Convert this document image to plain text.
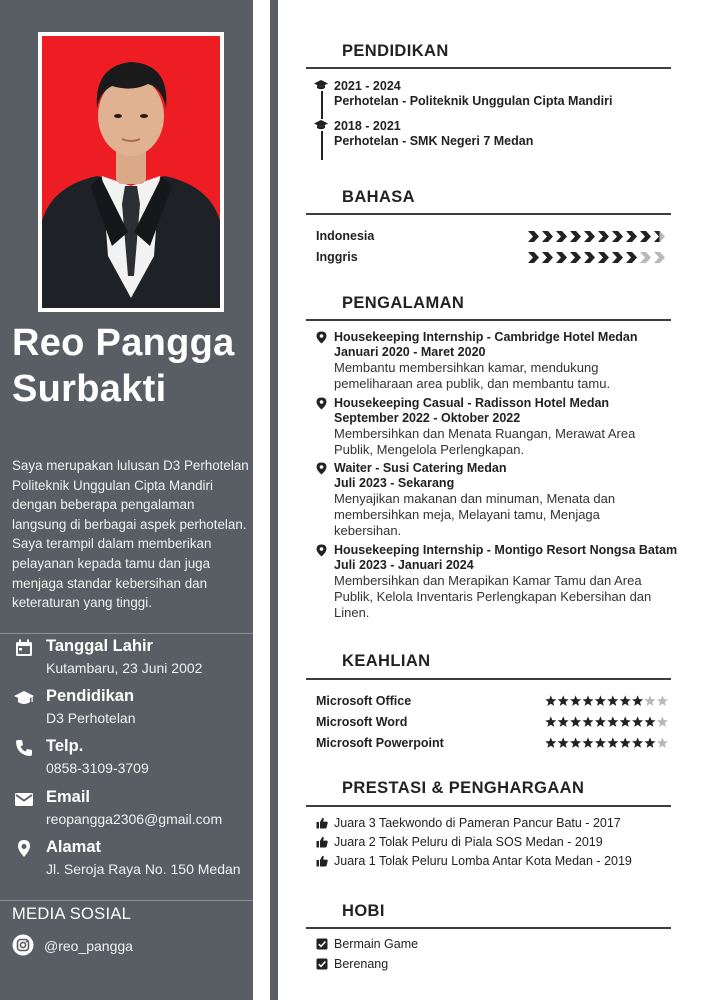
Reo Pangga
Surbakti

Saya merupakan lulusan D3 Perhotelan Politeknik Unggulan Cipta Mandiri dengan beberapa pengalaman langsung di berbagai aspek perhotelan. Saya terampil dalam memberikan pelayanan kepada tamu dan juga menjaga standar kebersihan dan keteraturan yang tinggi.

Tanggal Lahir
Kutambaru, 23 Juni 2002
Pendidikan
D3 Perhotelan
Telp.
0858-3109-3709
Email
reopangga2306@gmail.com
Alamat
Jl. Seroja Raya No. 150 Medan
MEDIA SOSIAL
@reo_pangga
PENDIDIKAN
2021 - 2024
Perhotelan - Politeknik Unggulan Cipta Mandiri
2018 - 2021
Perhotelan - SMK Negeri 7 Medan
BAHASA
Indonesia
Inggris
PENGALAMAN
Housekeeping Internship - Cambridge Hotel Medan
Januari 2020 - Maret 2020
Membantu membersihkan kamar, mendukung pemeliharaan area publik, dan membantu tamu.
Housekeeping Casual - Radisson Hotel Medan
September 2022 - Oktober 2022
Membersihkan dan Menata Ruangan, Merawat Area Publik, Mengelola Perlengkapan.
Waiter - Susi Catering Medan
Juli 2023 - Sekarang
Menyajikan makanan dan minuman, Menata dan membersihkan meja, Melayani tamu, Menjaga kebersihan.
Housekeeping Internship - Montigo Resort Nongsa Batam
Juli 2023 - Januari 2024
Membersihkan dan Merapikan Kamar Tamu dan Area Publik, Kelola Inventaris Perlengkapan Kebersihan dan Linen.
KEAHLIAN
Microsoft Office
Microsoft Word
Microsoft Powerpoint
PRESTASI & PENGHARGAAN
Juara 3 Taekwondo di Pameran Pancur Batu - 2017
Juara 2 Tolak Peluru di Piala SOS Medan - 2019
Juara 1 Tolak Peluru Lomba Antar Kota Medan - 2019
HOBI
Bermain Game
Berenang
